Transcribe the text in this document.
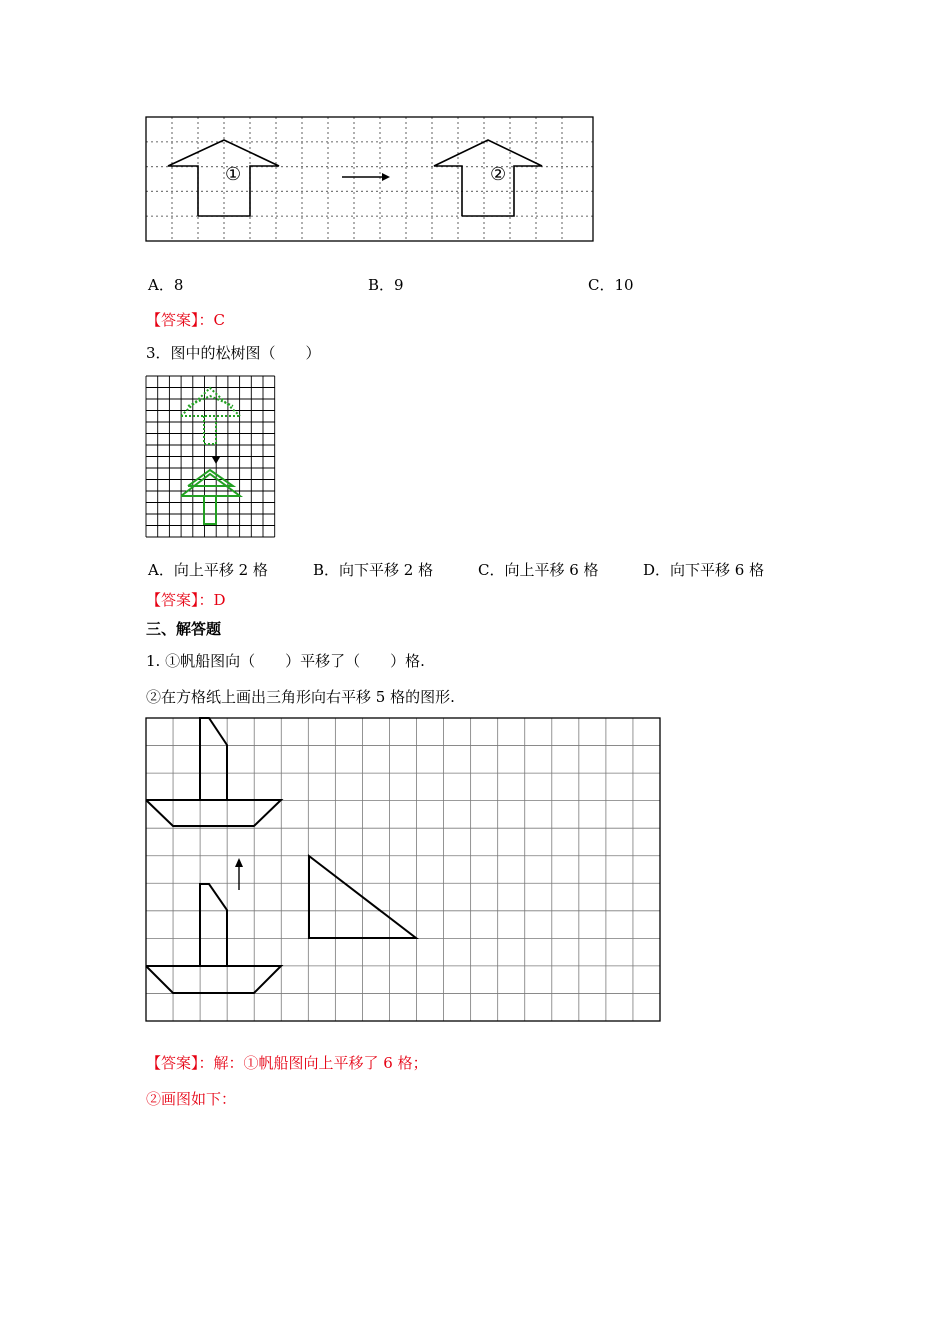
①	②
A．8	B．9	C．10
【答案】：C
3．图中的松树图（　　）
A．向上平移 2 格	B．向下平移 2 格	C．向上平移 6 格	D．向下平移 6 格
【答案】：D
三、解答题
1. ①帆船图向（　　）平移了（　　）格.
②在方格纸上画出三角形向右平移 5 格的图形.
【答案】：解：①帆船图向上平移了 6 格；
②画图如下：
